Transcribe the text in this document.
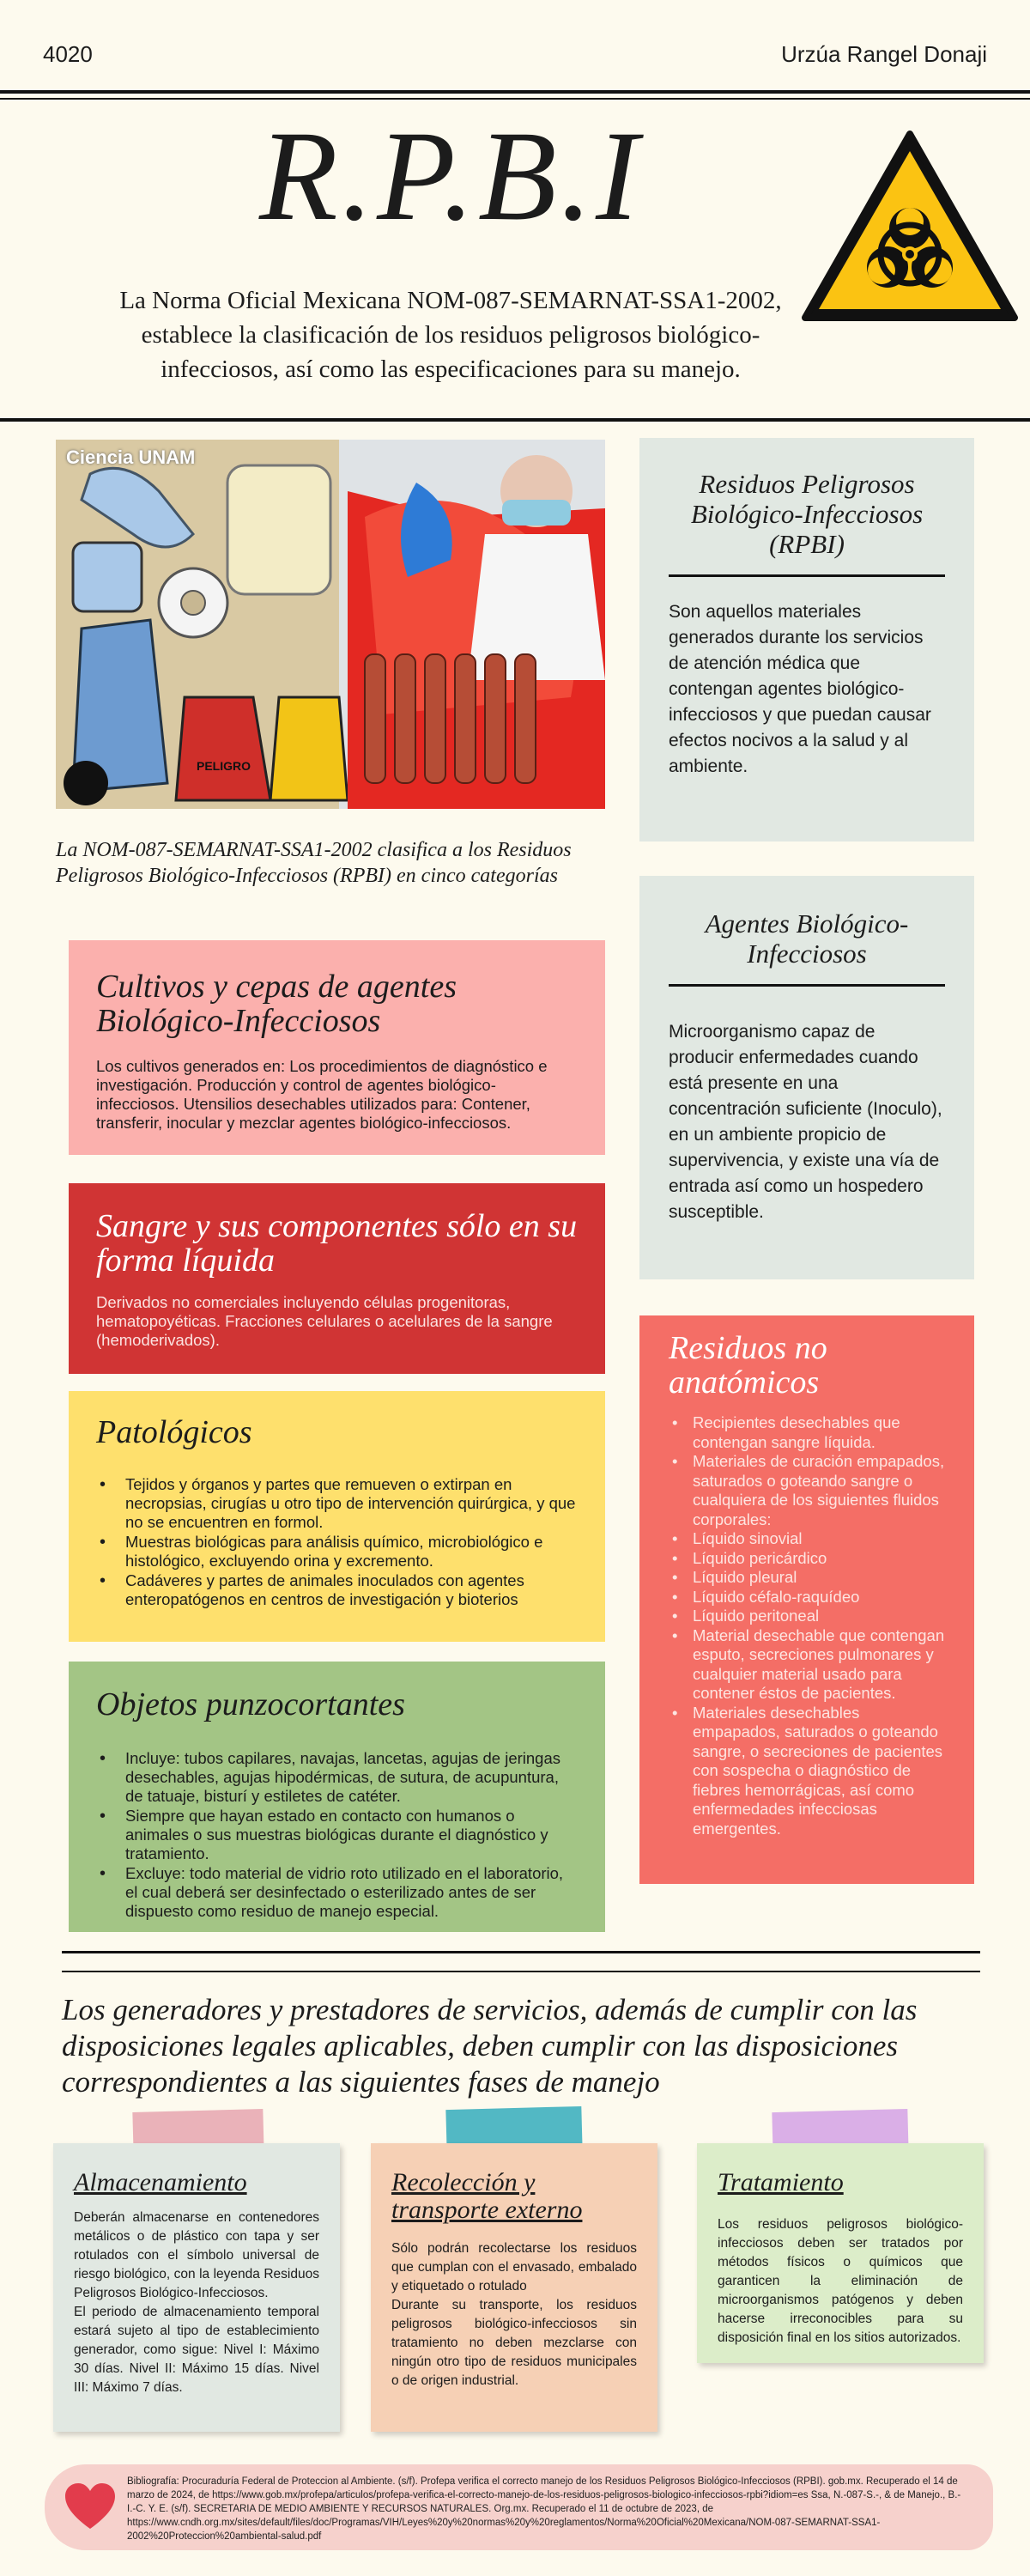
4020	Urzúa Rangel Donaji
R.P.B.I
La Norma Oficial Mexicana NOM-087-SEMARNAT-SSA1-2002, establece la clasificación de los residuos peligrosos biológico-infecciosos, así como las especificaciones para su manejo.
PELIGRO
Ciencia UNAM
Residuos Peligrosos Biológico-Infecciosos (RPBI)
Son aquellos materiales generados durante los servicios de atención médica que contengan agentes biológico-infecciosos y que puedan causar efectos nocivos a la salud y al ambiente.
La NOM-087-SEMARNAT-SSA1-2002 clasifica a los Residuos Peligrosos Biológico-Infecciosos (RPBI) en cinco categorías
Agentes Biológico-Infecciosos
Microorganismo capaz de producir enfermedades cuando está presente en una concentración suficiente (Inoculo), en un ambiente propicio de supervivencia, y existe una vía de entrada así como un hospedero susceptible.
Cultivos y cepas de agentes Biológico-Infecciosos

Los cultivos generados en: Los procedimientos de diagnóstico e investigación. Producción y control de agentes biológico-infecciosos. Utensilios desechables utilizados para: Contener, transferir, inocular y mezclar agentes biológico-infecciosos.

Sangre y sus componentes sólo en su forma líquida

Derivados no comerciales incluyendo células progenitoras, hematopoyéticas. Fracciones celulares o acelulares de la sangre (hemoderivados).

Patológicos
• Tejidos y órganos y partes que remueven o extirpan en necropsias, cirugías u otro tipo de intervención quirúrgica, y que no se encuentren en formol.
• Muestras biológicas para análisis químico, microbiológico e histológico, excluyendo orina y excremento.
• Cadáveres y partes de animales inoculados con agentes enteropatógenos en centros de investigación y bioterios
Objetos punzocortantes
• Incluye: tubos capilares, navajas, lancetas, agujas de jeringas desechables, agujas hipodérmicas, de sutura, de acupuntura, de tatuaje, bisturí y estiletes de catéter.
• Siempre que hayan estado en contacto con humanos o animales o sus muestras biológicas durante el diagnóstico y tratamiento.
• Excluye: todo material de vidrio roto utilizado en el laboratorio, el cual deberá ser desinfectado o esterilizado antes de ser dispuesto como residuo de manejo especial.
Residuos no anatómicos
• Recipientes desechables que contengan sangre líquida.
• Materiales de curación empapados, saturados o goteando sangre o cualquiera de los siguientes fluidos corporales:
• Líquido sinovial
• Líquido pericárdico
• Líquido pleural
• Líquido céfalo-raquídeo
• Líquido peritoneal
• Material desechable que contengan esputo, secreciones pulmonares y cualquier material usado para contener éstos de pacientes.
• Materiales desechables empapados, saturados o goteando sangre, o secreciones de pacientes con sospecha o diagnóstico de fiebres hemorrágicas, así como enfermedades infecciosas emergentes.
Los generadores y prestadores de servicios, además de cumplir con las disposiciones legales aplicables, deben cumplir con las disposiciones correspondientes a las siguientes fases de manejo
Almacenamiento

Deberán almacenarse en contenedores metálicos o de plástico con tapa y ser rotulados con el símbolo universal de riesgo biológico, con la leyenda Residuos Peligrosos Biológico-Infecciosos.

El periodo de almacenamiento temporal estará sujeto al tipo de establecimiento generador, como sigue: Nivel I: Máximo 30 días. Nivel II: Máximo 15 días. Nivel III: Máximo 7 días.

Recolección y transporte externo

Sólo podrán recolectarse los residuos que cumplan con el envasado, embalado y etiquetado o rotulado

Durante su transporte, los residuos peligrosos biológico-infecciosos sin tratamiento no deben mezclarse con ningún otro tipo de residuos municipales o de origen industrial.

Tratamiento

Los residuos peligrosos biológico-infecciosos deben ser tratados por métodos físicos o químicos que garanticen la eliminación de microorganismos patógenos y deben hacerse irreconocibles para su disposición final en los sitios autorizados.

Bibliografía: Procuraduría Federal de Proteccion al Ambiente. (s/f). Profepa verifica el correcto manejo de los Residuos Peligrosos Biológico-Infecciosos (RPBI). gob.mx. Recuperado el 14 de marzo de 2024, de https://www.gob.mx/profepa/articulos/profepa-verifica-el-correcto-manejo-de-los-residuos-peligrosos-biologico-infecciosos-rpbi?idiom=es Ssa, N.-087-S.-, & de Manejo., B.-I.-C. Y. E. (s/f). SECRETARIA DE MEDIO AMBIENTE Y RECURSOS NATURALES. Org.mx. Recuperado el 11 de octubre de 2023, de https://www.cndh.org.mx/sites/default/files/doc/Programas/VIH/Leyes%20y%20normas%20y%20reglamentos/Norma%20Oficial%20Mexicana/NOM-087-SEMARNAT-SSA1-2002%20Proteccion%20ambiental-salud.pdf
